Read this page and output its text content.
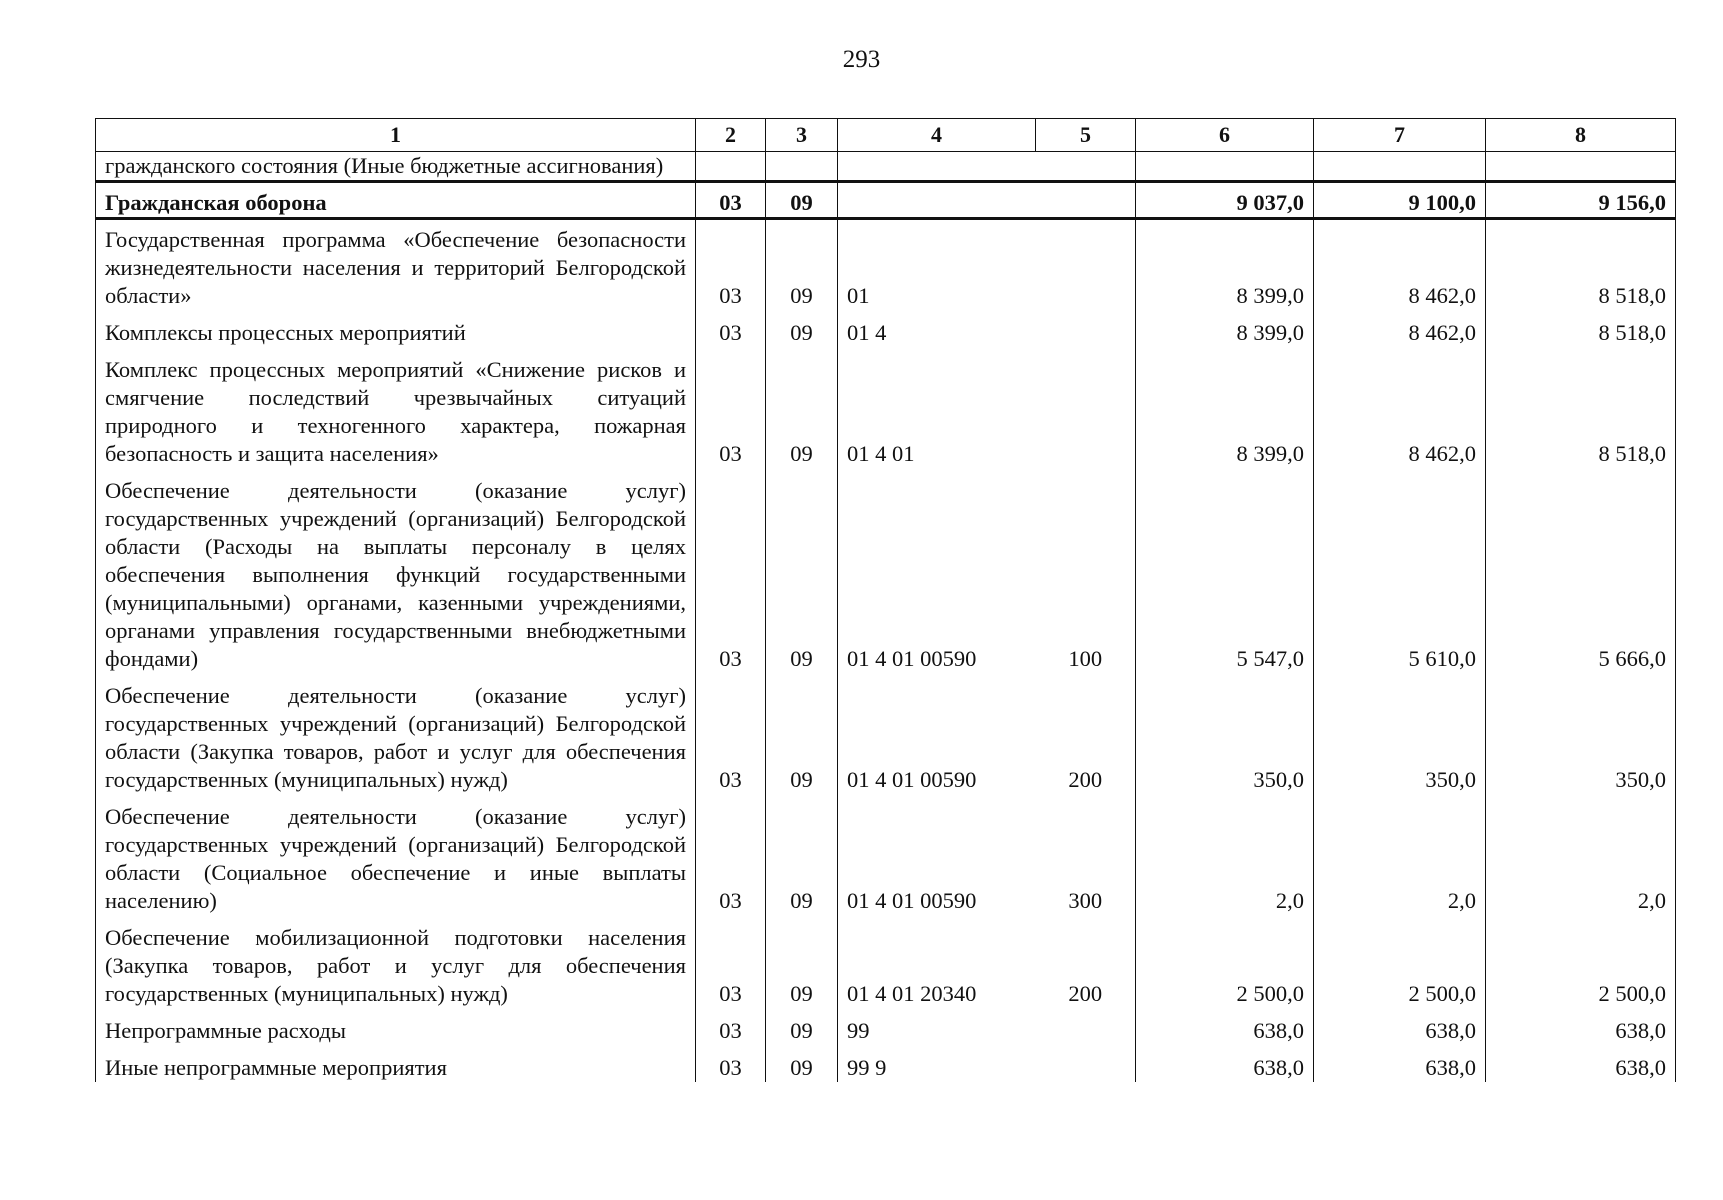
293
1	2	3	4	5	6	7	8
гражданского состояния (Иные бюджетные ассигнования)							
Гражданская оборона	03	09			9 037,0	9 100,0	9 156,0
Государственная программа «Обеспечение безопасности жизнедеятельности населения и территорий Белгородской области»	03	09	01		8 399,0	8 462,0	8 518,0
Комплексы процессных мероприятий	03	09	01 4		8 399,0	8 462,0	8 518,0
Комплекс процессных мероприятий «Снижение рисков и смягчение последствий чрезвычайных ситуаций природного и техногенного характера, пожарная безопасность и защита населения»	03	09	01 4 01		8 399,0	8 462,0	8 518,0
Обеспечение деятельности (оказание услуг) государственных учреждений (организаций) Белгородской области (Расходы на выплаты персоналу в целях обеспечения выполнения функций государственными (муниципальными) органами, казенными учреждениями, органами управления государственными внебюджетными фондами)	03	09	01 4 01 00590	100	5 547,0	5 610,0	5 666,0
Обеспечение деятельности (оказание услуг) государственных учреждений (организаций) Белгородской области (Закупка товаров, работ и услуг для обеспечения государственных (муниципальных) нужд)	03	09	01 4 01 00590	200	350,0	350,0	350,0
Обеспечение деятельности (оказание услуг) государственных учреждений (организаций) Белгородской области (Социальное обеспечение и иные выплаты населению)	03	09	01 4 01 00590	300	2,0	2,0	2,0
Обеспечение мобилизационной подготовки населения (Закупка товаров, работ и услуг для обеспечения государственных (муниципальных) нужд)	03	09	01 4 01 20340	200	2 500,0	2 500,0	2 500,0
Непрограммные расходы	03	09	99		638,0	638,0	638,0
Иные непрограммные мероприятия	03	09	99 9		638,0	638,0	638,0
